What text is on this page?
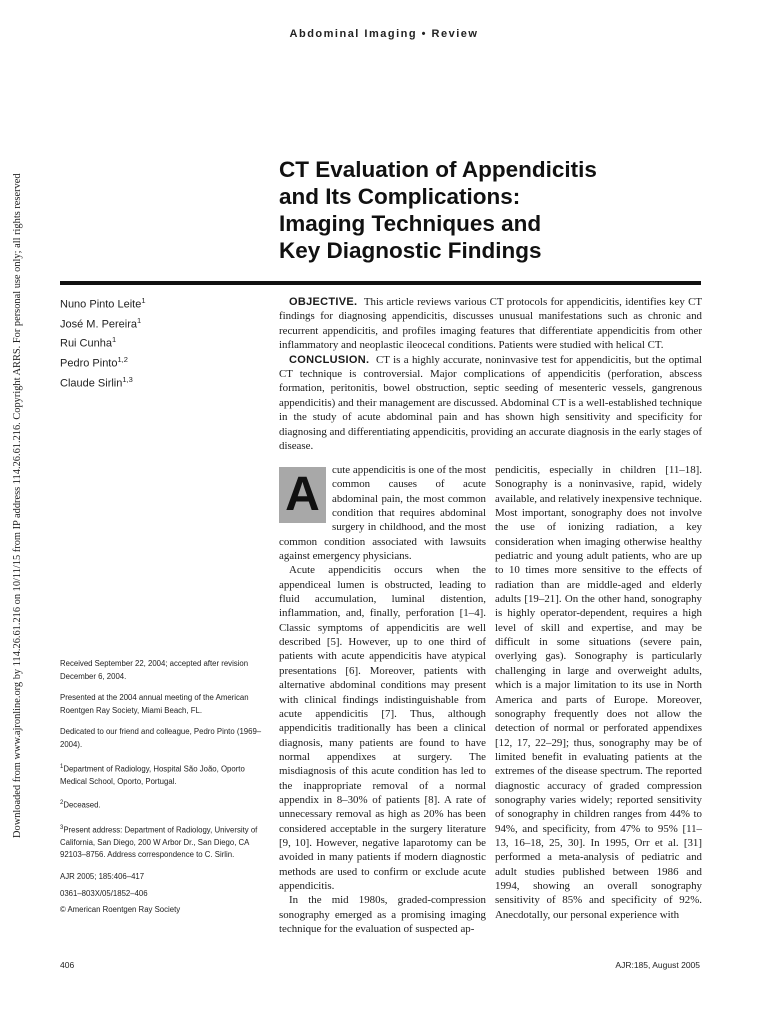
Downloaded from www.ajronline.org by 114.26.61.216 on 10/11/15 from IP address 114.26.61.216. Copyright ARRS. For personal use only; all rights reserved
Abdominal Imaging • Review
CT Evaluation of Appendicitis
and Its Complications:
Imaging Techniques and
Key Diagnostic Findings
Nuno Pinto Leite$^1$
José M. Pereira$^1$
Rui Cunha$^1$
Pedro Pinto$^{1,2}$
Claude Sirlin$^{1,3}$

OBJECTIVE. This article reviews various CT protocols for appendicitis, identifies key CT findings for diagnosing appendicitis, discusses unusual manifestations such as chronic and recurrent appendicitis, and profiles imaging features that differentiate appendicitis from other inflammatory and neoplastic ileocecal conditions. Patients were studied with helical CT.

CONCLUSION. CT is a highly accurate, noninvasive test for appendicitis, but the optimal CT technique is controversial. Major complications of appendicitis (perforation, abscess formation, peritonitis, bowel obstruction, septic seeding of mesenteric vessels, gangrenous appendicitis) and their management are discussed. Abdominal CT is a well-established technique in the study of acute abdominal pain and has shown high sensitivity and specificity for diagnosing and differentiating appendicitis, providing an accurate diagnosis in the early stages of disease.

Received September 22, 2004; accepted after revision December 6, 2004.

Presented at the 2004 annual meeting of the American Roentgen Ray Society, Miami Beach, FL.

Dedicated to our friend and colleague, Pedro Pinto (1969–2004).

$^1$Department of Radiology, Hospital São João, Oporto Medical School, Oporto, Portugal.

$^2$Deceased.

$^3$Present address: Department of Radiology, University of California, San Diego, 200 W Arbor Dr., San Diego, CA 92103–8756. Address correspondence to C. Sirlin.

AJR 2005; 185:406–417

0361–803X/05/1852–406

© American Roentgen Ray Society

A	cute appendicitis is one of the most common causes of acute abdominal pain, the most common condition that requires abdominal surgery in childhood, and the most common condition associated with lawsuits against emergency physicians.

Acute appendicitis occurs when the appendiceal lumen is obstructed, leading to fluid accumulation, luminal distention, inflammation, and, finally, perforation [1–4]. Classic symptoms of appendicitis are well described [5]. However, up to one third of patients with acute appendicitis have atypical presentations [6]. Moreover, patients with alternative abdominal conditions may present with clinical findings indistinguishable from acute appendicitis [7]. Thus, although appendicitis traditionally has been a clinical diagnosis, many patients are found to have normal appendixes at surgery. The misdiagnosis of this acute condition has led to the inappropriate removal of a normal appendix in 8–30% of patients [8]. A rate of unnecessary removal as high as 20% has been considered acceptable in the surgery literature [9, 10]. However, negative laparotomy can be avoided in many patients if modern diagnostic methods are used to confirm or exclude acute appendicitis.

In the mid 1980s, graded-compression sonography emerged as a promising imaging technique for the evaluation of suspected ap-

pendicitis, especially in children [11–18]. Sonography is a noninvasive, rapid, widely available, and relatively inexpensive technique. Most important, sonography does not involve the use of ionizing radiation, a key consideration when imaging otherwise healthy pediatric and young adult patients, who are up to 10 times more sensitive to the effects of radiation than are middle-aged and elderly adults [19–21]. On the other hand, sonography is highly operator-dependent, requires a high level of skill and expertise, and may be difficult in some situations (severe pain, overlying gas). Sonography is particularly challenging in large and overweight adults, which is a major limitation to its use in North America and parts of Europe. Moreover, sonography frequently does not allow the detection of normal or perforated appendixes [12, 17, 22–29]; thus, sonography may be of limited benefit in evaluating patients at the extremes of the disease spectrum. The reported diagnostic accuracy of graded compression sonography varies widely; reported sensitivity of sonography in children ranges from 44% to 94%, and specificity, from 47% to 95% [11–13, 16–18, 25, 30]. In 1995, Orr et al. [31] performed a meta-analysis of pediatric and adult studies published between 1986 and 1994, showing an overall sonography sensitivity of 85% and specificity of 92%. Anecdotally, our personal experience with

406	AJR:185, August 2005
